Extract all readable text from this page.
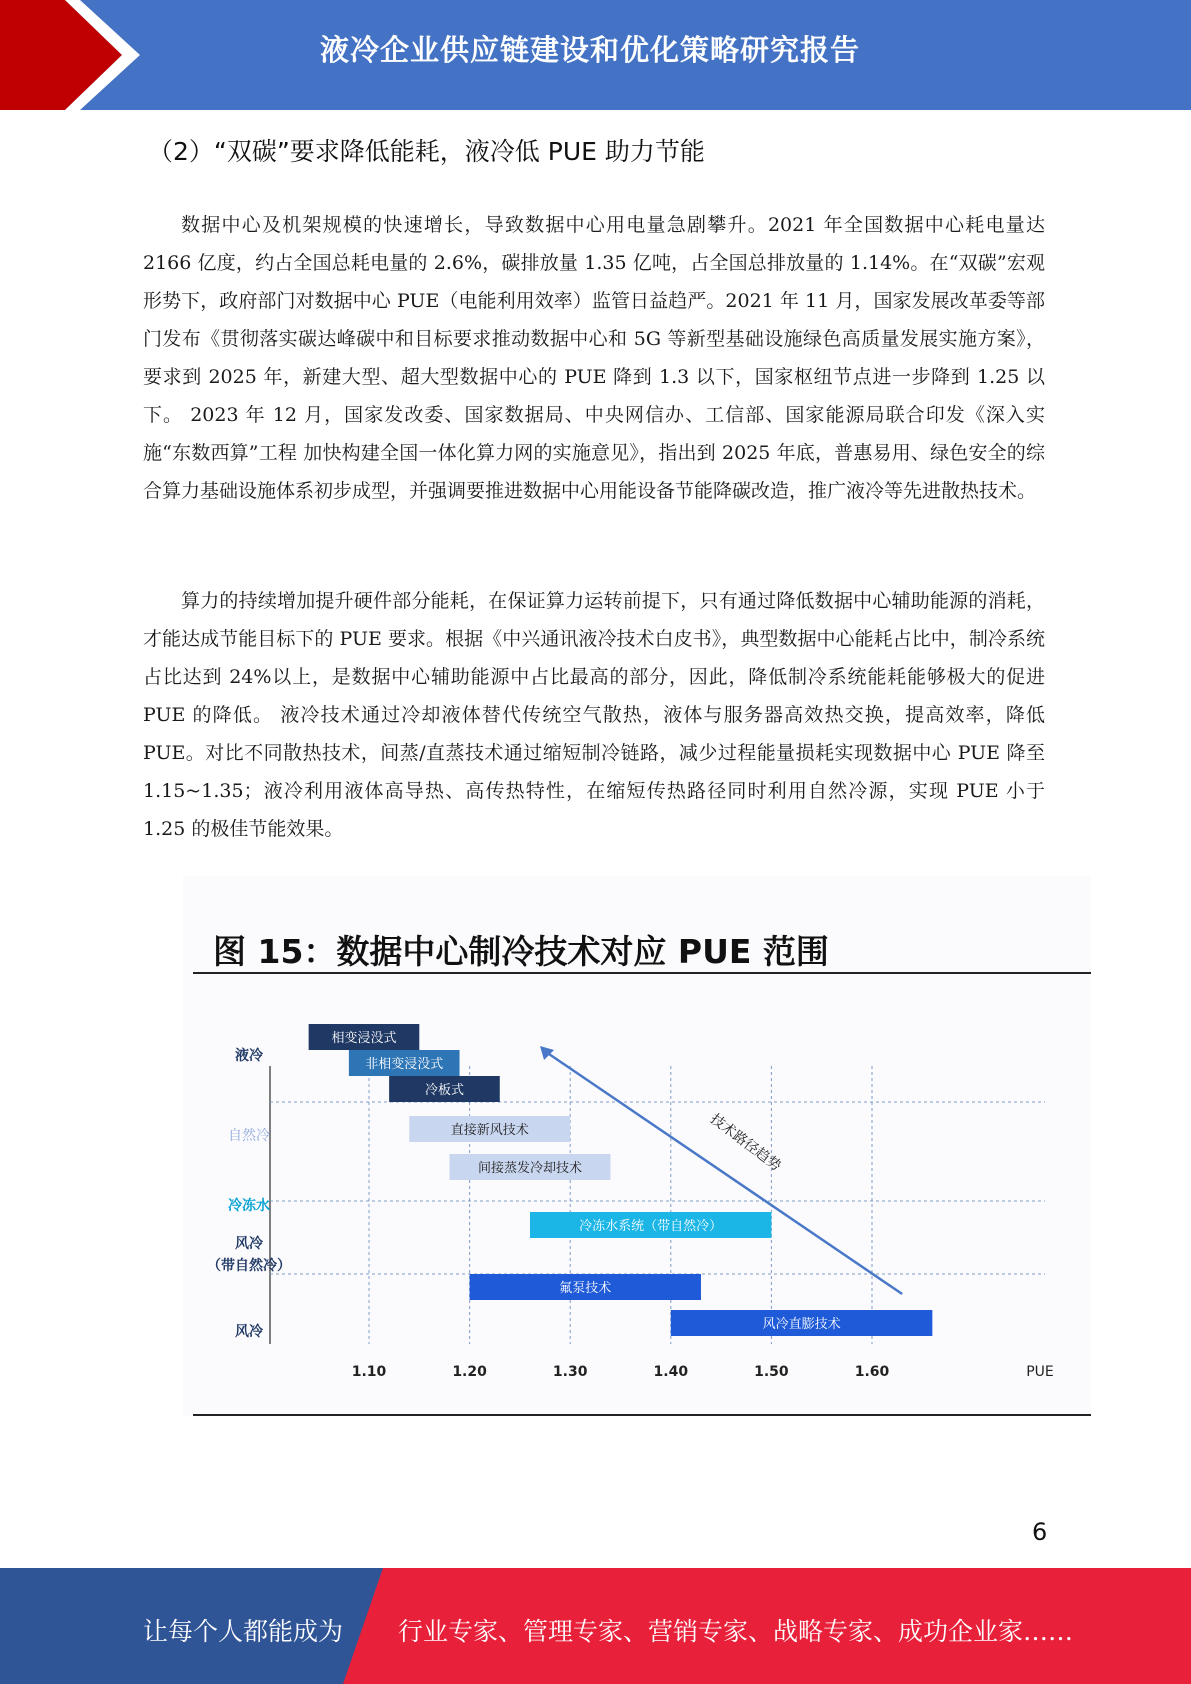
液冷企业供应链建设和优化策略研究报告
（2）“双碳”要求降低能耗，液冷低 PUE 助力节能

数据中心及机架规模的快速增长，导致数据中心用电量急剧攀升。2021 年全国数据中心耗电量达 2166 亿度，约占全国总耗电量的 2.6%，碳排放量 1.35 亿吨，占全国总排放量的 1.14%。在“双碳”宏观形势下，政府部门对数据中心 PUE（电能利用效率）监管日益趋严。2021 年 11 月，国家发展改革委等部门发布《贯彻落实碳达峰碳中和目标要求推动数据中心和 5G 等新型基础设施绿色高质量发展实施方案》，要求到 2025 年，新建大型、超大型数据中心的 PUE 降到 1.3 以下，国家枢纽节点进一步降到 1.25 以下。 2023 年 12 月，国家发改委、国家数据局、中央网信办、工信部、国家能源局联合印发《深入实施“东数西算”工程 加快构建全国一体化算力网的实施意见》，指出到 2025 年底，普惠易用、绿色安全的综合算力基础设施体系初步成型，并强调要推进数据中心用能设备节能降碳改造，推广液冷等先进散热技术。

算力的持续增加提升硬件部分能耗，在保证算力运转前提下，只有通过降低数据中心辅助能源的消耗，才能达成节能目标下的 PUE 要求。根据《中兴通讯液冷技术白皮书》，典型数据中心能耗占比中，制冷系统占比达到 24%以上，是数据中心辅助能源中占比最高的部分，因此，降低制冷系统能耗能够极大的促进 PUE 的降低。 液冷技术通过冷却液体替代传统空气散热，液体与服务器高效热交换，提高效率，降低 PUE。对比不同散热技术，间蒸/直蒸技术通过缩短制冷链路，减少过程能量损耗实现数据中心 PUE 降至 1.15~1.35；液冷利用液体高导热、高传热特性，在缩短传热路径同时利用自然冷源，实现 PUE 小于 1.25 的极佳节能效果。

图 15：数据中心制冷技术对应 PUE 范围
1.10	1.20	1.30	1.40	1.50	1.60	PUE
液冷
自然冷
冷冻水
风冷
（带自然冷）
风冷
相变浸没式
非相变浸没式
冷板式
直接新风技术
间接蒸发冷却技术
冷冻水系统（带自然冷）
氟泵技术
风冷直膨技术
技术路径趋势
6
让每个人都能成为 行业专家、管理专家、营销专家、战略专家、成功企业家……
